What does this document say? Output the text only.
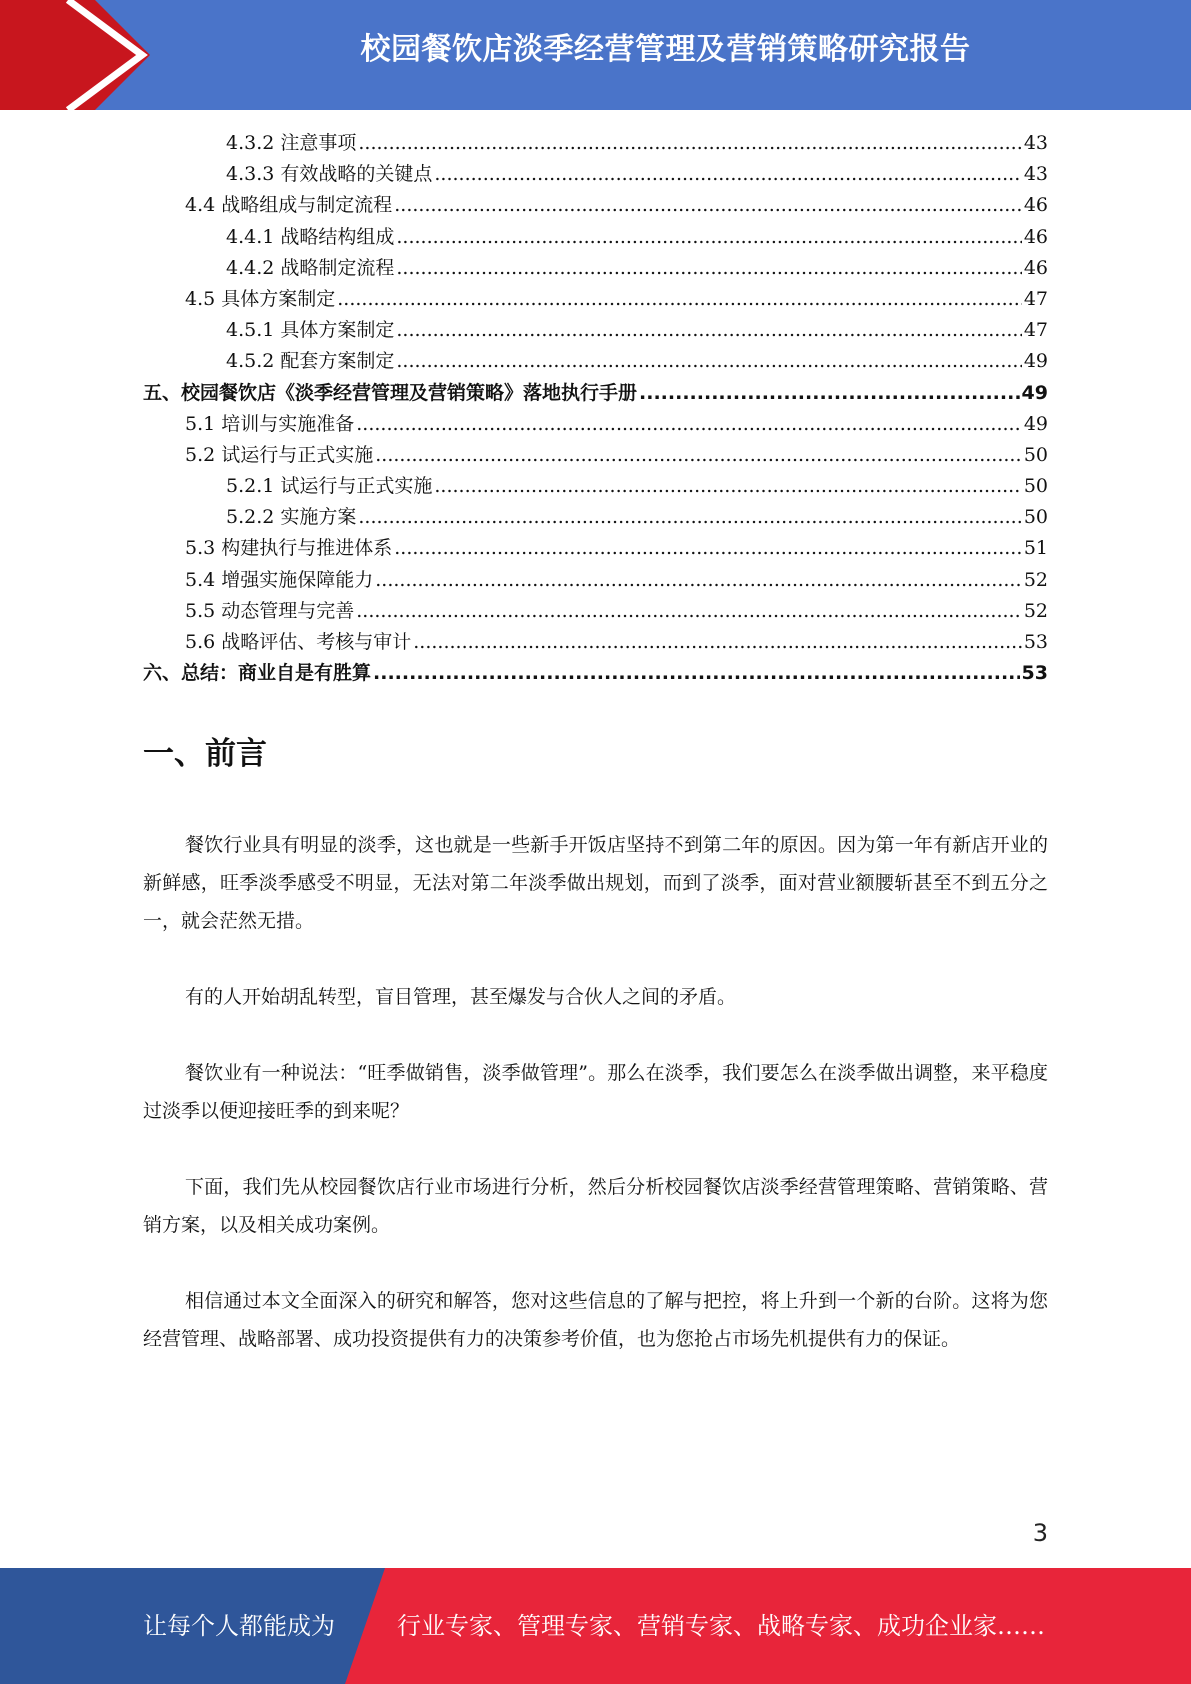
校园餐饮店淡季经营管理及营销策略研究报告
4.3.2 注意事项 .....	43
4.3.3 有效战略的关键点 .....	43
4.4 战略组成与制定流程 .....	46
4.4.1 战略结构组成 .....	46
4.4.2 战略制定流程 .....	46
4.5 具体方案制定 .....	47
4.5.1 具体方案制定 .....	47
4.5.2 配套方案制定 .....	49
五、校园餐饮店《淡季经营管理及营销策略》落地执行手册 .....	49
5.1 培训与实施准备 .....	49
5.2 试运行与正式实施 .....	50
5.2.1 试运行与正式实施 .....	50
5.2.2 实施方案 .....	50
5.3 构建执行与推进体系 .....	51
5.4 增强实施保障能力 .....	52
5.5 动态管理与完善 .....	52
5.6 战略评估、考核与审计 .....	53
六、总结：商业自是有胜算 .....	53
一、前言

餐饮行业具有明显的淡季，这也就是一些新手开饭店坚持不到第二年的原因。因为第一年有新店开业的新鲜感，旺季淡季感受不明显，无法对第二年淡季做出规划，而到了淡季，面对营业额腰斩甚至不到五分之一，就会茫然无措。

有的人开始胡乱转型，盲目管理，甚至爆发与合伙人之间的矛盾。

餐饮业有一种说法：“旺季做销售，淡季做管理”。那么在淡季，我们要怎么在淡季做出调整，来平稳度过淡季以便迎接旺季的到来呢？

下面，我们先从校园餐饮店行业市场进行分析，然后分析校园餐饮店淡季经营管理策略、营销策略、营销方案，以及相关成功案例。

相信通过本文全面深入的研究和解答，您对这些信息的了解与把控，将上升到一个新的台阶。这将为您经营管理、战略部署、成功投资提供有力的决策参考价值，也为您抢占市场先机提供有力的保证。

3
让每个人都能成为	行业专家、管理专家、营销专家、战略专家、成功企业家……
